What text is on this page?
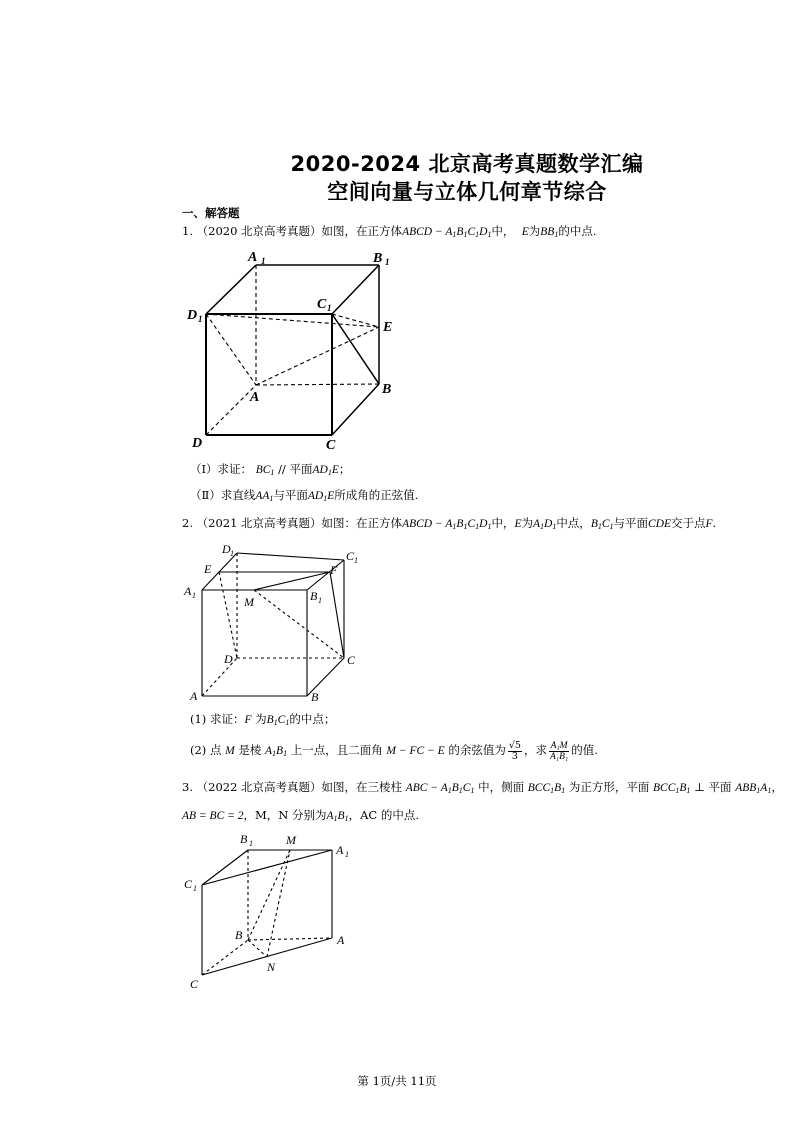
2020-2024 北京高考真题数学汇编
空间向量与立体几何章节综合
一、解答题
1. （2020 北京高考真题）如图，在正方体ABCD − $A_1B_1C_1D_1$中， E为$BB_1$的中点.
A 1	B 1
C 1
D 1
E
B
A
D	C
（Ⅰ）求证： $BC_1$ // 平面$AD_1E$；
（Ⅱ）求直线$AA_1$与平面$AD_1E$所成角的正弦值.
2. （2021 北京高考真题）如图：在正方体ABCD − $A_1B_1C_1D_1$中，E为$A_1D_1$中点，$B_1C_1$与平面CDE交于点F.
D 1	C 1
E	F
A 1	M	B 1
D	C
A	B
(1) 求证：F 为$B_1C_1$的中点；
(2) 点 M 是棱 $A_1B_1$ 上一点，且二面角 M − FC − E 的余弦值为 $\frac{√5}{3}$ ，求 $\frac{\text{A₁M}}{\text{A₁B₁}}$ 的值.
3. （2022 北京高考真题）如图，在三棱柱 ABC − $A_1B_1C_1$ 中，侧面 $BCC_1B_1$ 为正方形，平面 $BCC_1B_1$ ⊥ 平面 $ABB_1A_1$，
AB = BC = 2，M，N 分别为$A_1B_1$，AC 的中点.
B 1	M
A 1
C 1
B	A
N
C
第 1页/共 11页
